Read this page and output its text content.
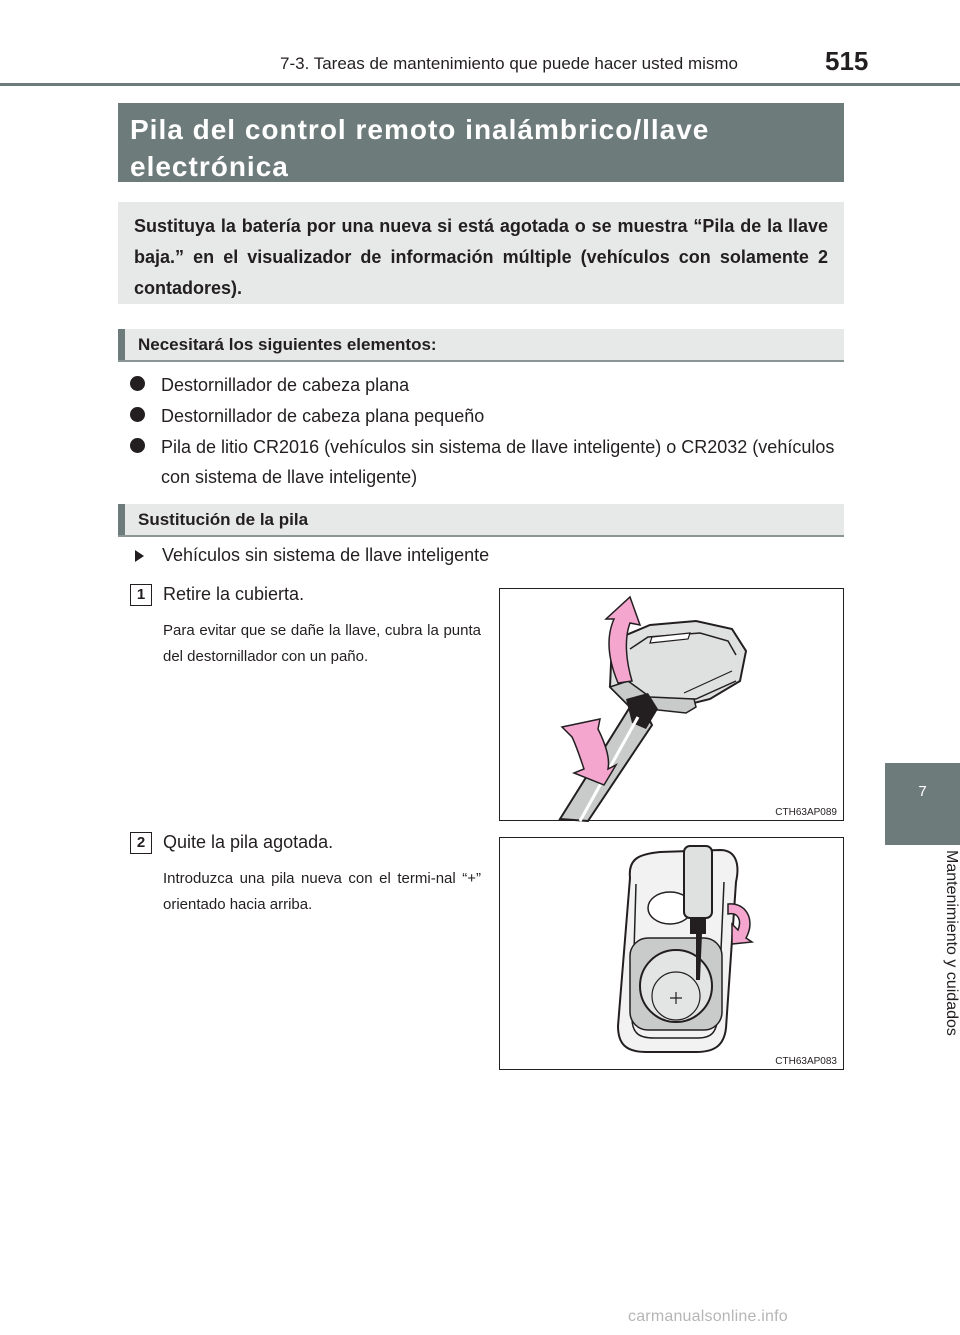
7-3. Tareas de mantenimiento que puede hacer usted mismo	515
7
Mantenimiento y cuidados
Pila del control remoto inalámbrico/llave electrónica
Sustituya la batería por una nueva si está agotada o se muestra “Pila de la llave baja.” en el visualizador de información múltiple (vehículos con solamente 2 contadores).
Necesitará los siguientes elementos:
Destornillador de cabeza plana
Destornillador de cabeza plana pequeño
Pila de litio CR2016 (vehículos sin sistema de llave inteligente) o CR2032 (vehículos con sistema de llave inteligente)
Sustitución de la pila
Vehículos sin sistema de llave inteligente
1 Retire la cubierta.
Para evitar que se dañe la llave, cubra la punta del destornillador con un paño.
CTH63AP089
2 Quite la pila agotada.
Introduzca una pila nueva con el termi-nal “+” orientado hacia arriba.
CTH63AP083
carmanualsonline.info
